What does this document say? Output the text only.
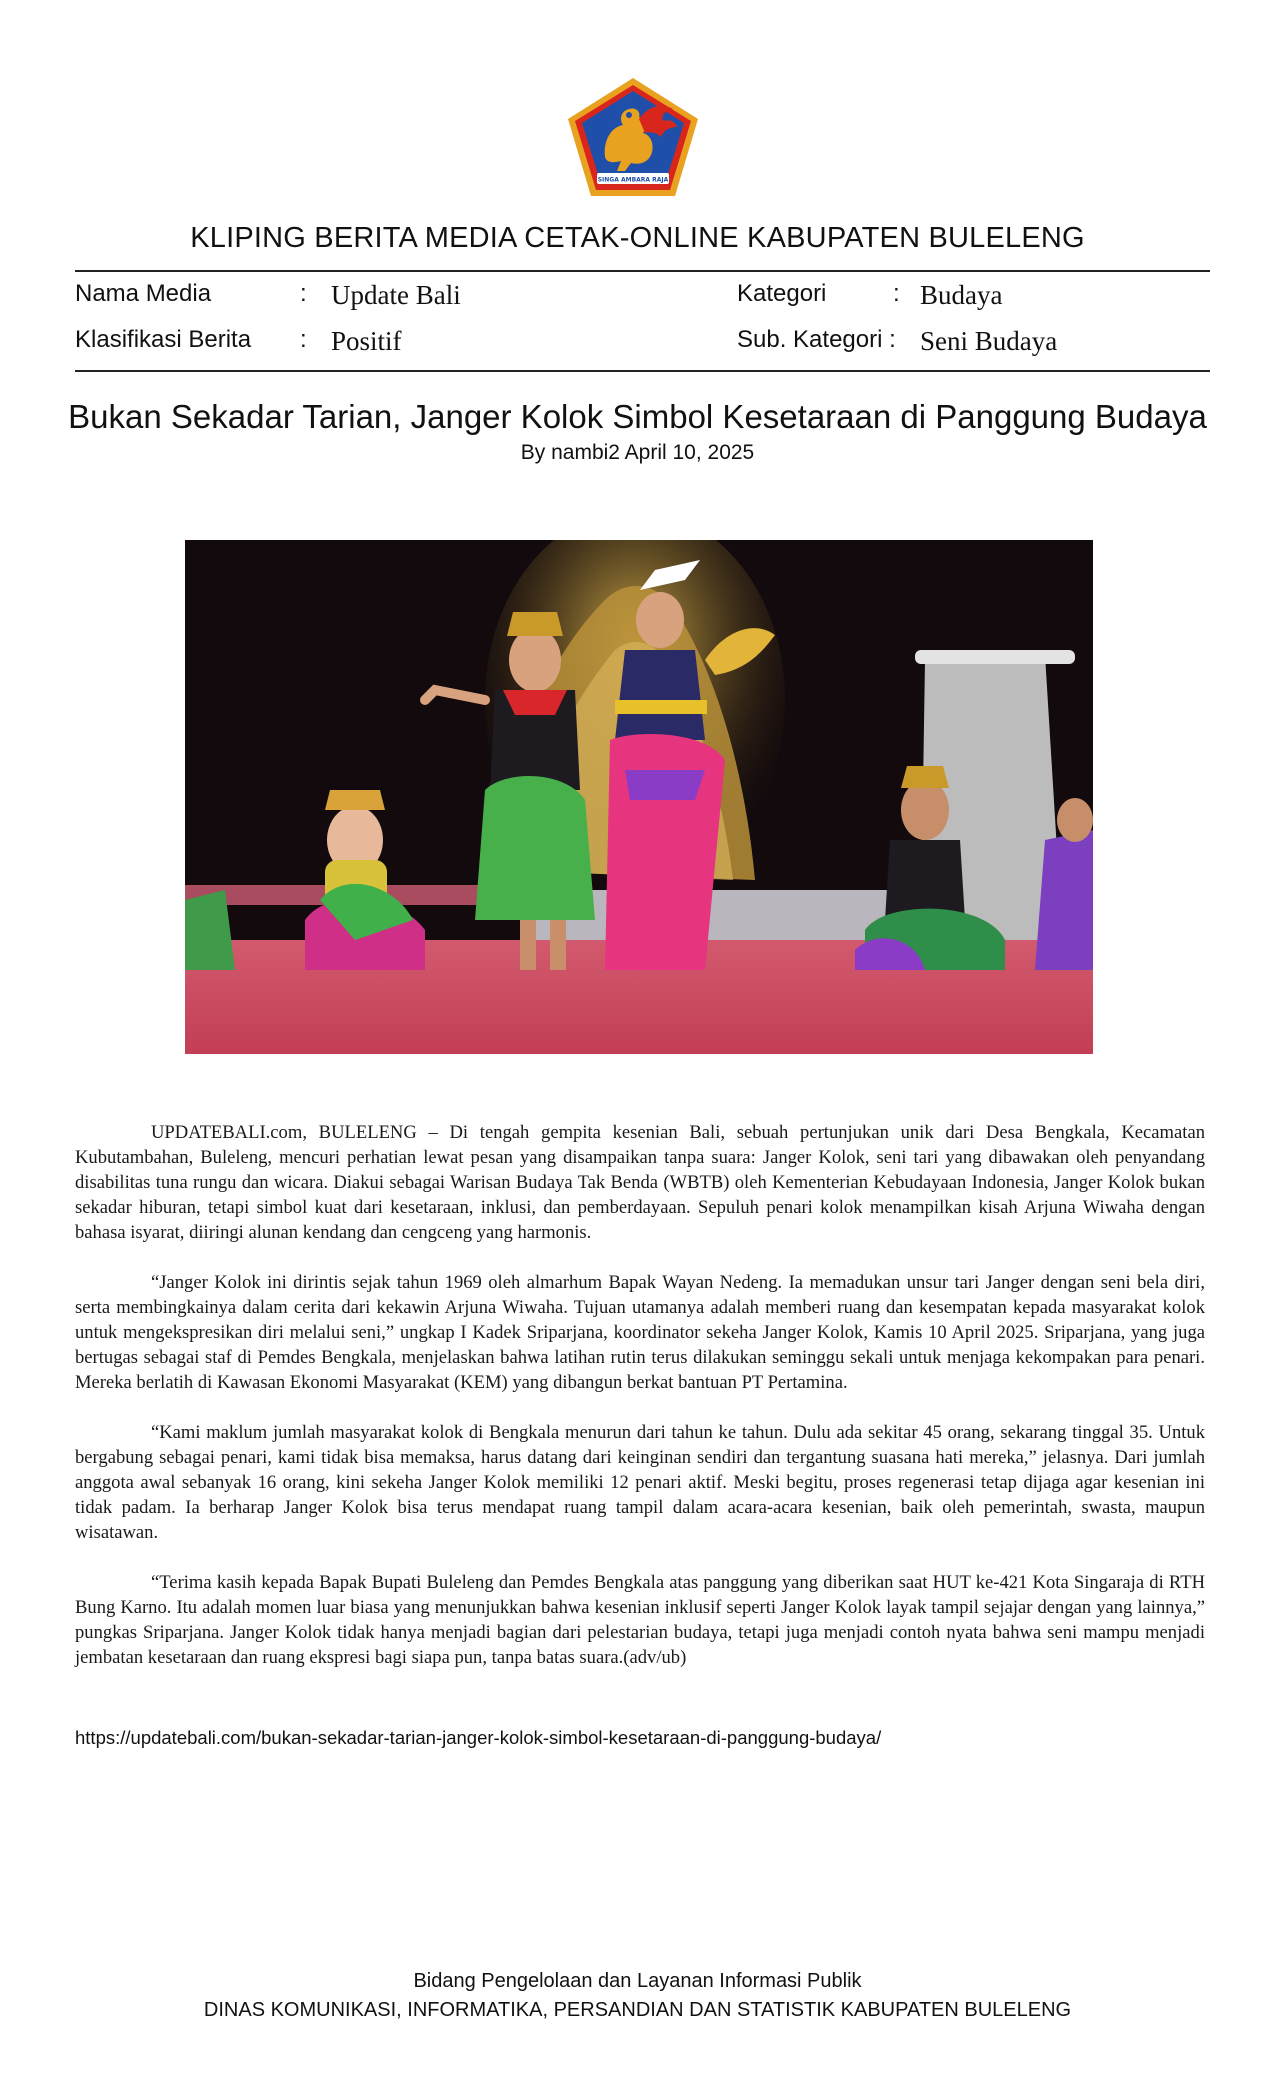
SINGA AMBARA RAJA
KLIPING BERITA MEDIA CETAK-ONLINE KABUPATEN BULELENG
Nama Media	: Update Bali	Kategori	: Budaya
Klasifikasi Berita : Positif	Sub. Kategori : Seni Budaya
Bukan Sekadar Tarian, Janger Kolok Simbol Kesetaraan di Panggung Budaya
By nambi2 April 10, 2025

UPDATEBALI.com, BULELENG – Di tengah gempita kesenian Bali, sebuah pertunjukan unik dari Desa Bengkala, Kecamatan Kubutambahan, Buleleng, mencuri perhatian lewat pesan yang disampaikan tanpa suara: Janger Kolok, seni tari yang dibawakan oleh penyandang disabilitas tuna rungu dan wicara. Diakui sebagai Warisan Budaya Tak Benda (WBTB) oleh Kementerian Kebudayaan Indonesia, Janger Kolok bukan sekadar hiburan, tetapi simbol kuat dari kesetaraan, inklusi, dan pemberdayaan. Sepuluh penari kolok menampilkan kisah Arjuna Wiwaha dengan bahasa isyarat, diiringi alunan kendang dan cengceng yang harmonis.

“Janger Kolok ini dirintis sejak tahun 1969 oleh almarhum Bapak Wayan Nedeng. Ia memadukan unsur tari Janger dengan seni bela diri, serta membingkainya dalam cerita dari kekawin Arjuna Wiwaha. Tujuan utamanya adalah memberi ruang dan kesempatan kepada masyarakat kolok untuk mengekspresikan diri melalui seni,” ungkap I Kadek Sriparjana, koordinator sekeha Janger Kolok, Kamis 10 April 2025. Sriparjana, yang juga bertugas sebagai staf di Pemdes Bengkala, menjelaskan bahwa latihan rutin terus dilakukan seminggu sekali untuk menjaga kekompakan para penari. Mereka berlatih di Kawasan Ekonomi Masyarakat (KEM) yang dibangun berkat bantuan PT Pertamina.

“Kami maklum jumlah masyarakat kolok di Bengkala menurun dari tahun ke tahun. Dulu ada sekitar 45 orang, sekarang tinggal 35. Untuk bergabung sebagai penari, kami tidak bisa memaksa, harus datang dari keinginan sendiri dan tergantung suasana hati mereka,” jelasnya. Dari jumlah anggota awal sebanyak 16 orang, kini sekeha Janger Kolok memiliki 12 penari aktif. Meski begitu, proses regenerasi tetap dijaga agar kesenian ini tidak padam. Ia berharap Janger Kolok bisa terus mendapat ruang tampil dalam acara-acara kesenian, baik oleh pemerintah, swasta, maupun wisatawan.

“Terima kasih kepada Bapak Bupati Buleleng dan Pemdes Bengkala atas panggung yang diberikan saat HUT ke-421 Kota Singaraja di RTH Bung Karno. Itu adalah momen luar biasa yang menunjukkan bahwa kesenian inklusif seperti Janger Kolok layak tampil sejajar dengan yang lainnya,” pungkas Sriparjana. Janger Kolok tidak hanya menjadi bagian dari pelestarian budaya, tetapi juga menjadi contoh nyata bahwa seni mampu menjadi jembatan kesetaraan dan ruang ekspresi bagi siapa pun, tanpa batas suara.(adv/ub)

https://updatebali.com/bukan-sekadar-tarian-janger-kolok-simbol-kesetaraan-di-panggung-budaya/
Bidang Pengelolaan dan Layanan Informasi Publik
DINAS KOMUNIKASI, INFORMATIKA, PERSANDIAN DAN STATISTIK KABUPATEN BULELENG
